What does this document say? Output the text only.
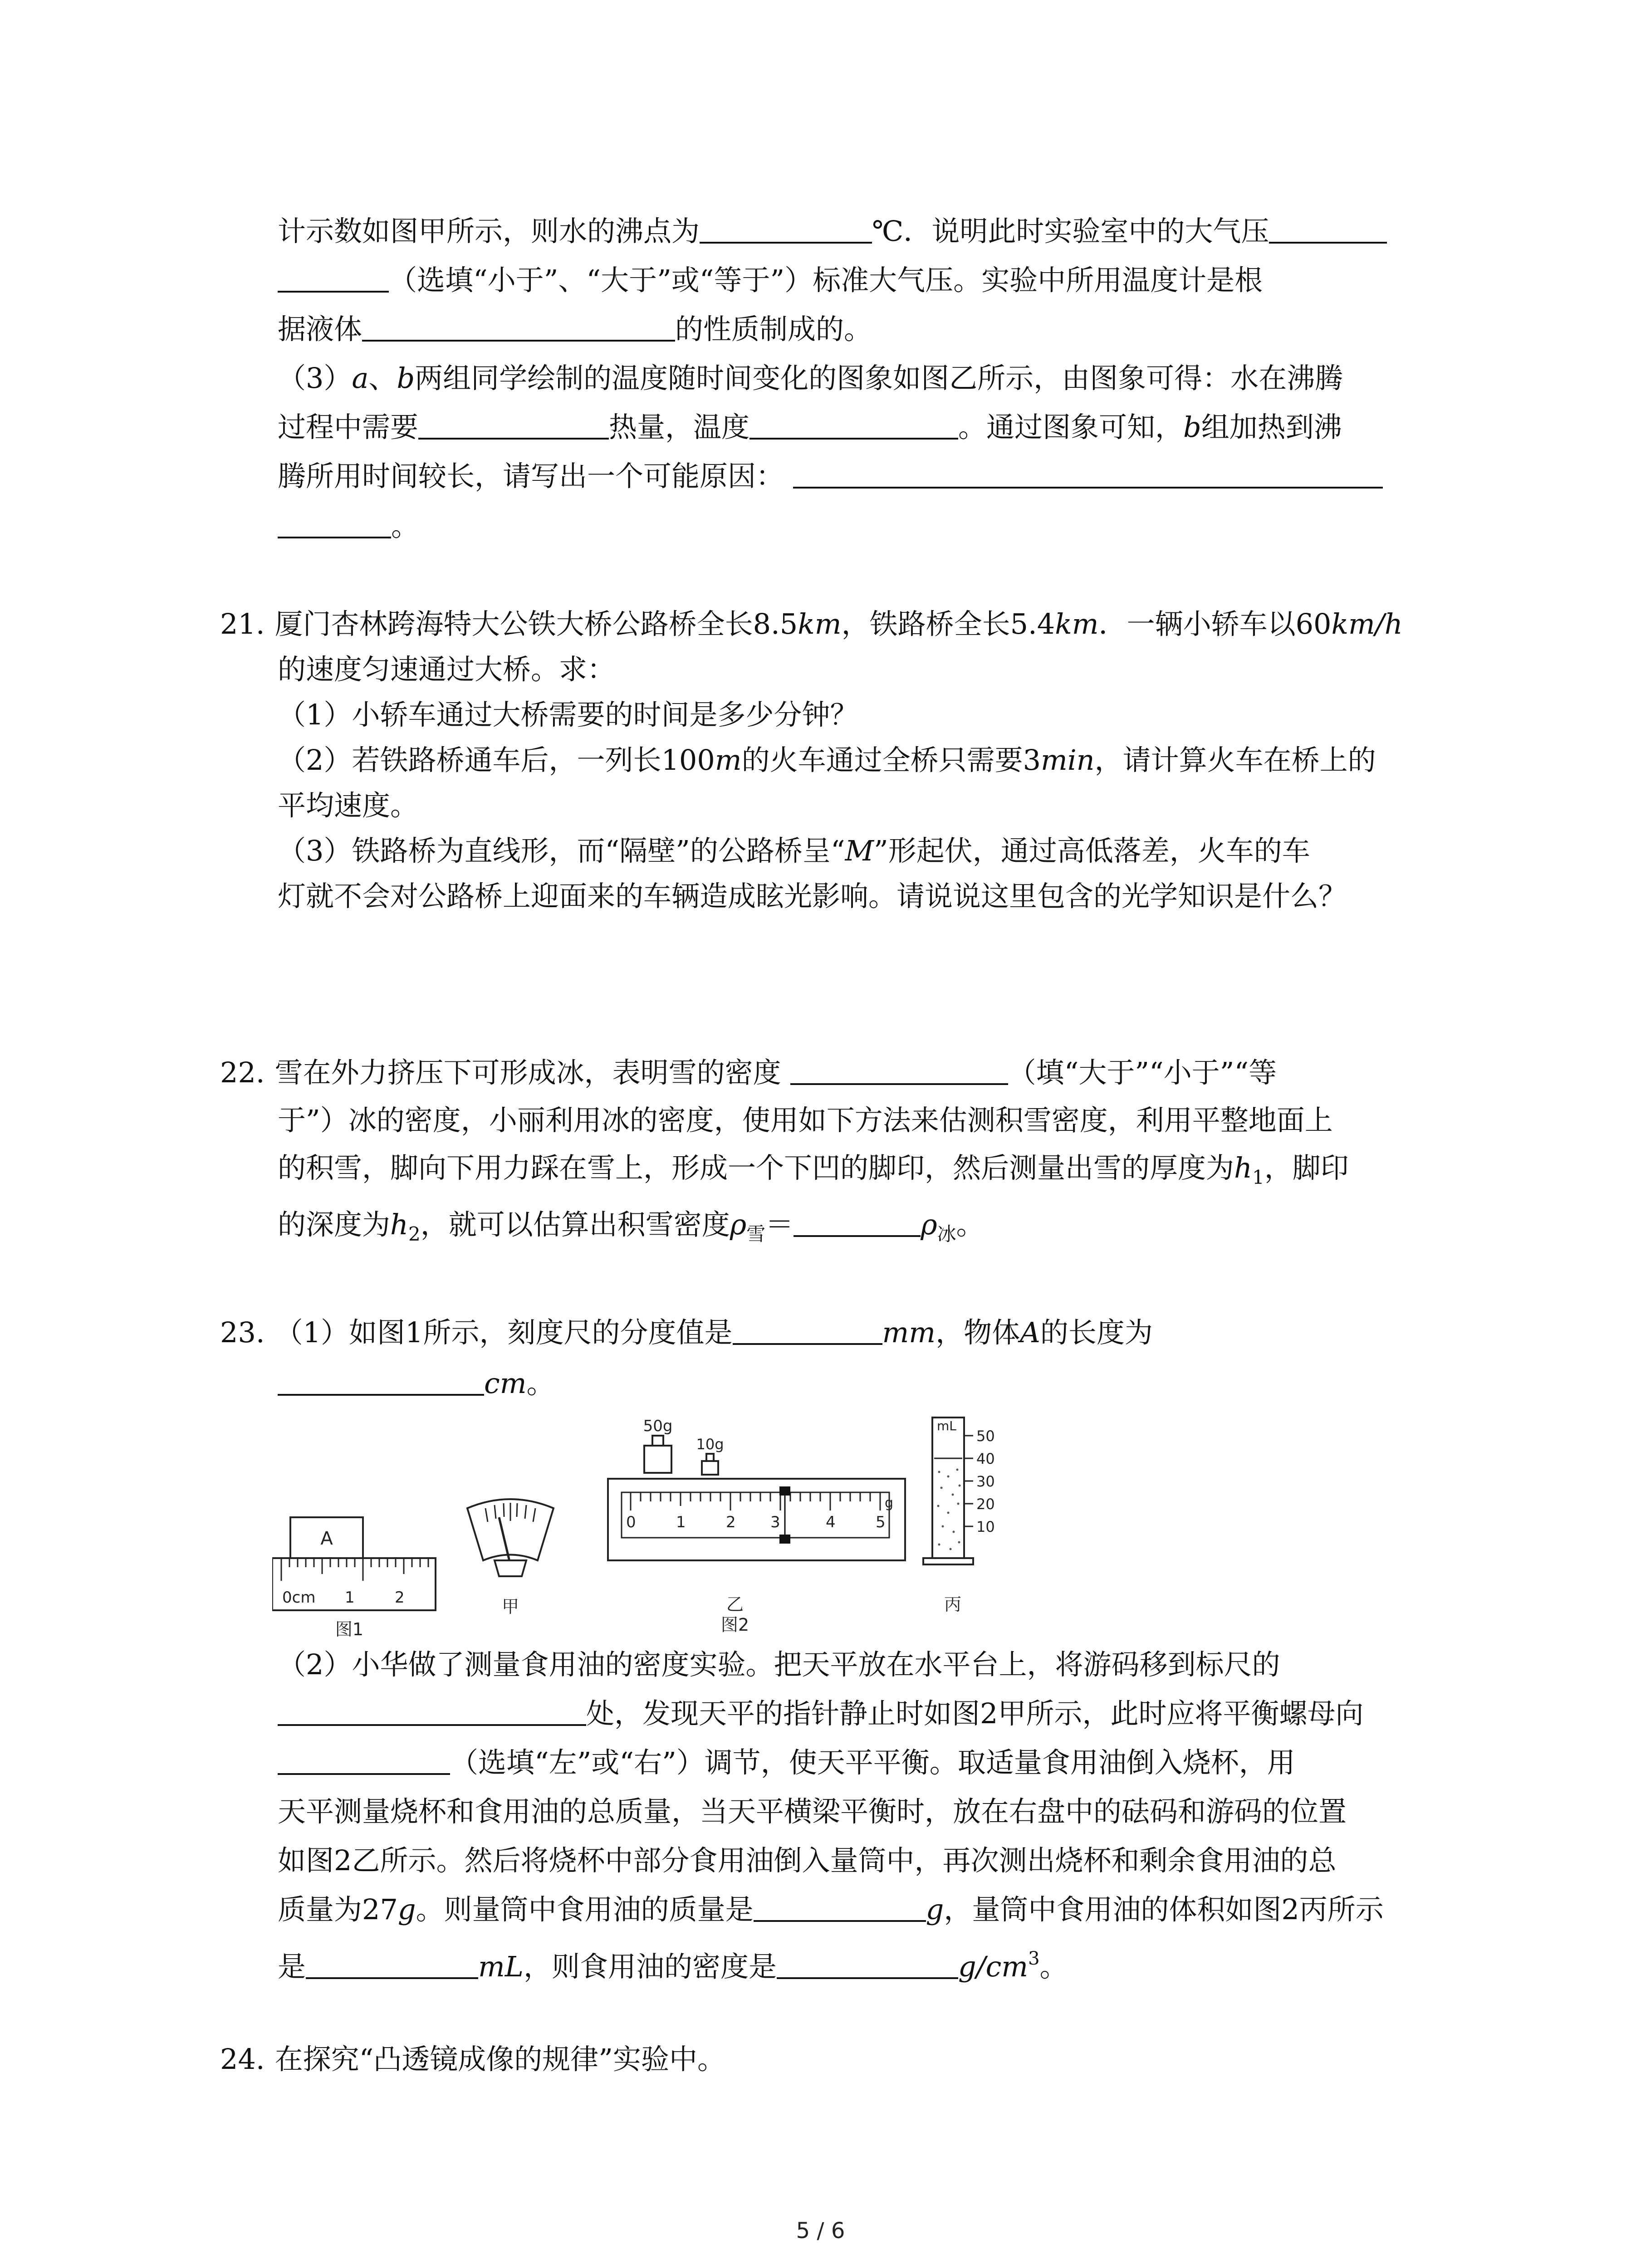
计示数如图甲所示，则水的沸点为	℃．说明此时实验室中的大气压
（选填“小于”、“大于”或“等于”）标准大气压。实验中所用温度计是根
据液体	的性质制成的。
（3）a、b两组同学绘制的温度随时间变化的图象如图乙所示，由图象可得：水在沸腾
过程中需要	热量，温度	。通过图象可知，b组加热到沸
腾所用时间较长，请写出一个可能原因：
。
21. 厦门杏林跨海特大公铁大桥公路桥全长8.5km，铁路桥全长5.4km．一辆小轿车以60km/h
的速度匀速通过大桥。求：
（1）小轿车通过大桥需要的时间是多少分钟？
（2）若铁路桥通车后，一列长100m的火车通过全桥只需要3min，请计算火车在桥上的
平均速度。
（3）铁路桥为直线形，而“隔壁”的公路桥呈“M”形起伏，通过高低落差，火车的车
灯就不会对公路桥上迎面来的车辆造成眩光影响。请说说这里包含的光学知识是什么？
22. 雪在外力挤压下可形成冰，表明雪的密度	（填“大于”“小于”“等
于”）冰的密度，小丽利用冰的密度，使用如下方法来估测积雪密度，利用平整地面上
的积雪，脚向下用力踩在雪上，形成一个下凹的脚印，然后测量出雪的厚度为$h_1$，脚印
的深度为$h_2$，就可以估算出积雪密度$\rho_雪=$	$\rho_冰$。
23. （1）如图1所示，刻度尺的分度值是	mm，物体A的长度为
cm。
A
0cm 1	2
图1
甲
50g
10g
0	1	2 3	4	5
g
乙
图2
mL
50
40
30
20
10
丙
（2）小华做了测量食用油的密度实验。把天平放在水平台上，将游码移到标尺的
处，发现天平的指针静止时如图2甲所示，此时应将平衡螺母向
（选填“左”或“右”）调节，使天平平衡。取适量食用油倒入烧杯，用
天平测量烧杯和食用油的总质量，当天平横梁平衡时，放在右盘中的砝码和游码的位置
如图2乙所示。然后将烧杯中部分食用油倒入量筒中，再次测出烧杯和剩余食用油的总
质量为27g。则量筒中食用油的质量是	g，量筒中食用油的体积如图2丙所示
是	mL，则食用油的密度是	$g/cm^3$。
24. 在探究“凸透镜成像的规律”实验中。
5 / 6
